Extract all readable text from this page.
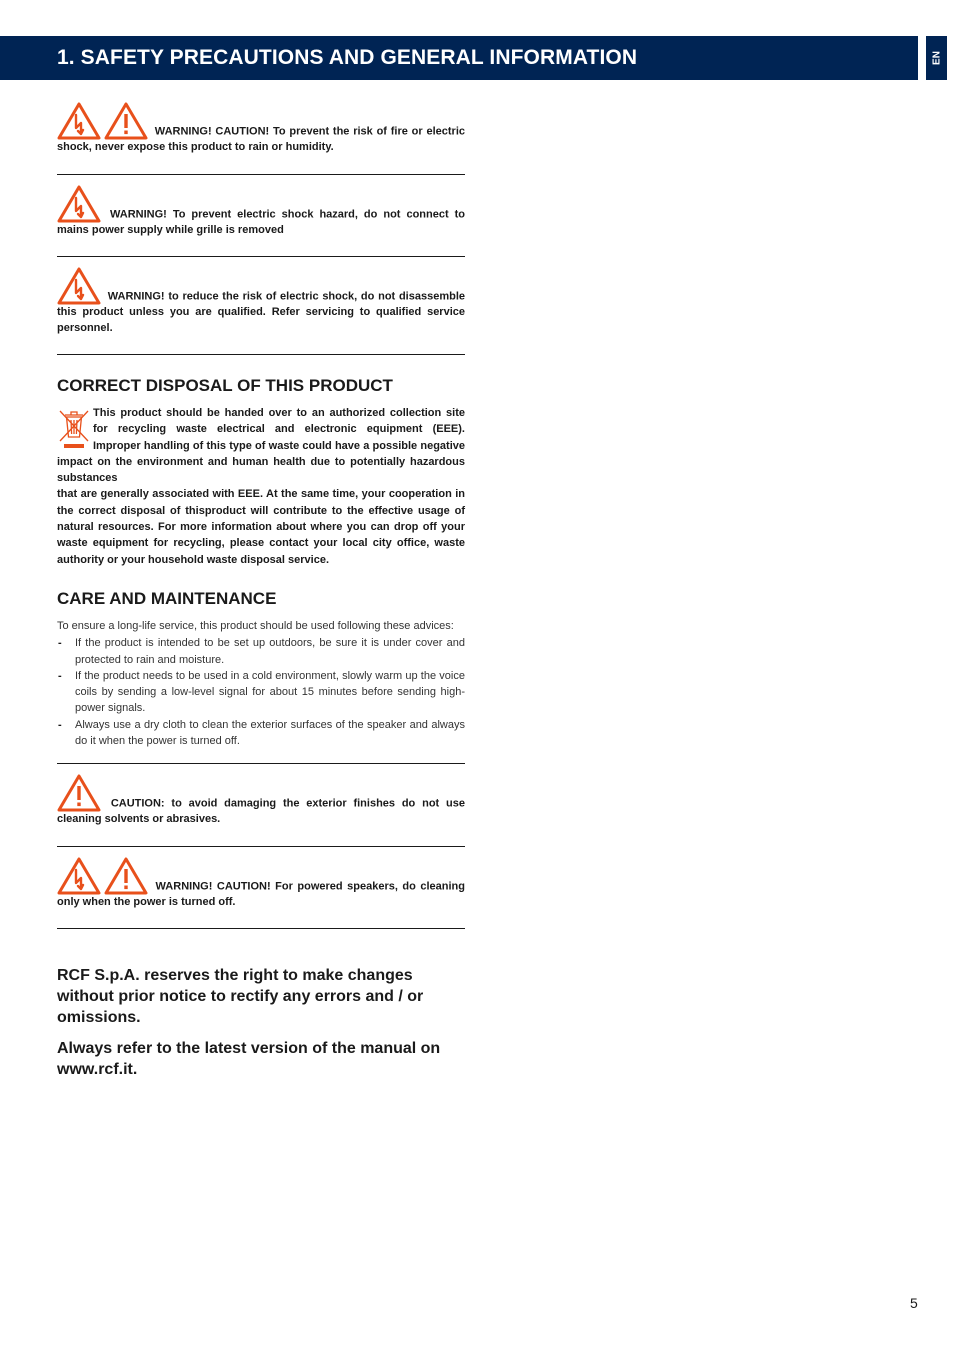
1. SAFETY PRECAUTIONS AND GENERAL INFORMATION	EN
WARNING! CAUTION! To prevent the risk of fire or electric shock, never expose this product to rain or humidity.
WARNING! To prevent electric shock hazard, do not connect to mains power supply while grille is removed
WARNING! to reduce the risk of electric shock, do not disassemble this product unless you are qualified. Refer servicing to qualified service personnel.
CORRECT DISPOSAL OF THIS PRODUCT
This product should be handed over to an authorized collection site for recycling waste electrical and electronic equipment (EEE). Improper handling of this type of waste could have a possible negative impact on the environment and human health due to potentially hazardous substances
that are generally associated with EEE. At the same time, your cooperation in the correct disposal of thisproduct will contribute to the effective usage of natural resources. For more information about where you can drop off your waste equipment for recycling, please contact your local city office, waste authority or your household waste disposal service.
CARE AND MAINTENANCE

To ensure a long-life service, this product should be used following these advices:

- If the product is intended to be set up outdoors, be sure it is under cover and protected to rain and moisture.
- If the product needs to be used in a cold environment, slowly warm up the voice coils by sending a low-level signal for about 15 minutes before sending high-power signals.
- Always use a dry cloth to clean the exterior surfaces of the speaker and always do it when the power is turned off.
CAUTION: to avoid damaging the exterior finishes do not use cleaning solvents or abrasives.
WARNING! CAUTION! For powered speakers, do cleaning only when the power is turned off.

RCF S.p.A. reserves the right to make changes without prior notice to rectify any errors and / or omissions.

Always refer to the latest version of the manual on www.rcf.it.

5
